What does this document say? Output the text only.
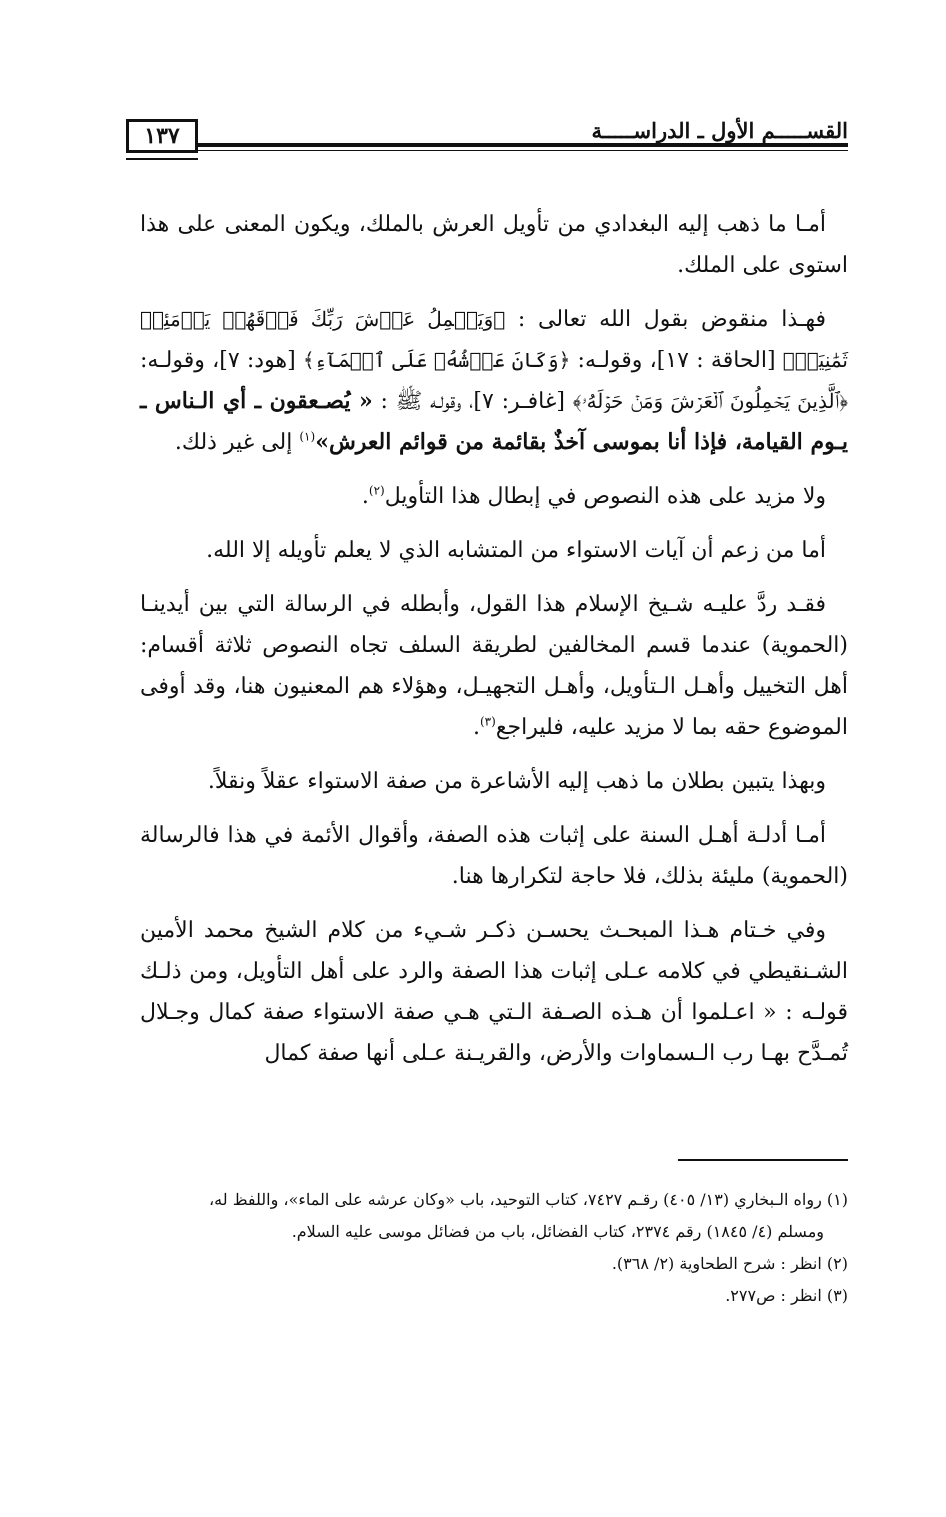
القســـــم الأول ـ الدراســـــة
١٣٧

أمـا ما ذهب إليه البغدادي من تأويل العرش بالملك، ويكون المعنى على هذا استوى على الملك.

فهـذا منقوض بقول الله تعالى : ﴿وَيَحۡمِلُ عَرۡشَ رَبِّكَ فَوۡقَهُمۡ يَوۡمَئِذٖ ثَمَٰنِيَةٞ﴾ [الحاقة : ١٧]، وقولـه: ﴿وَكَانَ عَرۡشُهُۥ عَلَى ٱلۡمَآءِ﴾ [هود: ٧]، وقولـه: ﴿ٱلَّذِينَ يَحۡمِلُونَ ٱلۡعَرۡشَ وَمَنۡ حَوۡلَهُۥ﴾ [غافـر: ٧]، وقولـه ﷺ : « يُصـعقون ـ أي الـناس ـ يـوم القيامة، فإذا أنا بموسى آخذٌ بقائمة من قوائم العرش»$^{(١)}$ إلى غير ذلك.

ولا مزيد على هذه النصوص في إبطال هذا التأويل$^{(٢)}$.

أما من زعم أن آيات الاستواء من المتشابه الذي لا يعلم تأويله إلا الله.

فقـد ردَّ عليـه شـيخ الإسلام هذا القول، وأبطله في الرسالة التي بين أيدينـا (الحموية) عندما قسم المخالفين لطريقة السلف تجاه النصوص ثلاثة أقسام: أهل التخييل وأهـل الـتأويل، وأهـل التجهيـل، وهؤلاء هم المعنيون هنا، وقد أوفى الموضوع حقه بما لا مزيد عليه، فليراجع$^{(٣)}$.

وبهذا يتبين بطلان ما ذهب إليه الأشاعرة من صفة الاستواء عقلاً ونقلاً.

أمـا أدلـة أهـل السنة على إثبات هذه الصفة، وأقوال الأئمة في هذا فالرسالة (الحموية) مليئة بذلك، فلا حاجة لتكرارها هنا.

وفي خـتام هـذا المبحـث يحسـن ذكـر شـيء من كلام الشيخ محمد الأمين الشـنقيطي في كلامه عـلى إثبات هذا الصفة والرد على أهل التأويل، ومن ذلـك قولـه : « اعـلموا أن هـذه الصـفة الـتي هـي صفة الاستواء صفة كمال وجـلال تُمـدَّح بهـا رب الـسماوات والأرض، والقريـنة عـلى أنها صفة كمال

(١) رواه الـبخاري (١٣/ ٤٠٥) رقـم ٧٤٢٧، كتاب التوحيد، باب «وكان عرشه على الماء»، واللفظ له،

ومسلم (٤/ ١٨٤٥) رقم ٢٣٧٤، كتاب الفضائل، باب من فضائل موسى عليه السلام.

(٢) انظر : شرح الطحاوية (٢/ ٣٦٨).

(٣) انظر : ص٢٧٧.
